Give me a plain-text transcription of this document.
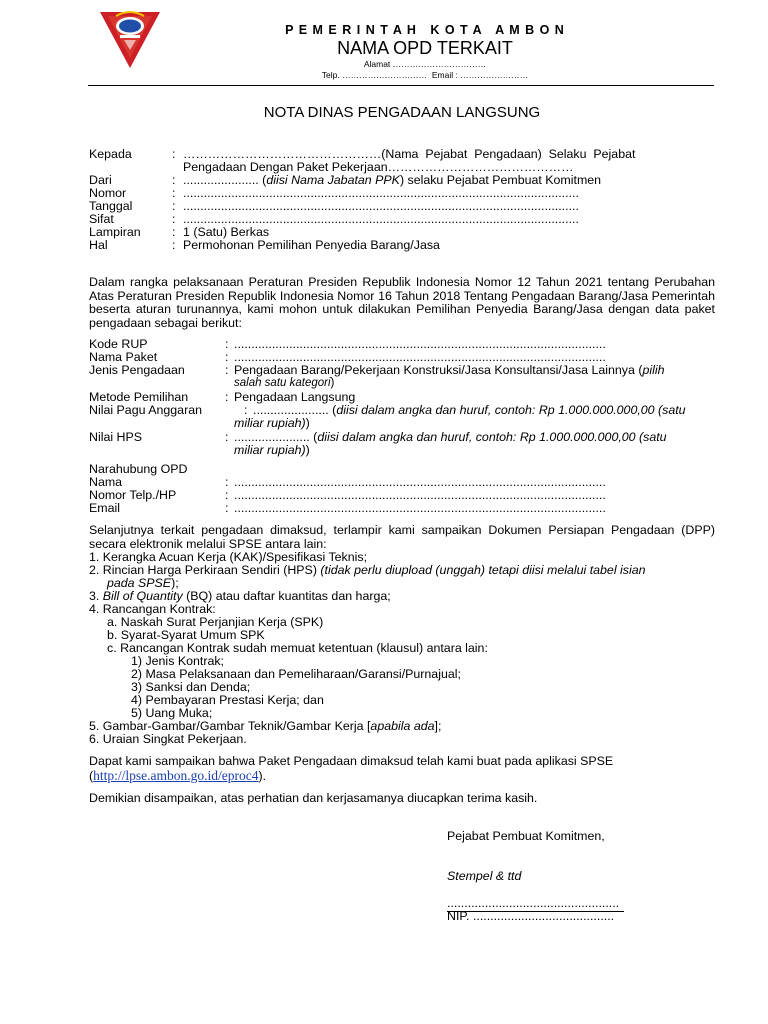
P E M E R I N T A H   K O T A   A M B O N
NAMA OPD TERKAIT
Alamat ……………………………
Telp. …………………………  Email : ……………………
NOTA DINAS PENGADAAN LANGSUNG
Kepada	: …………………………………………(Nama  Pejabat  Pengadaan)  Selaku  Pejabat
Pengadaan Dengan Paket Pekerjaan………………………………………
Dari	: ...................... (diisi Nama Jabatan PPK) selaku Pejabat Pembuat Komitmen
Nomor	: ...................................................................................................................
Tanggal	: ...................................................................................................................
Sifat	: ...................................................................................................................
Lampiran	: 1 (Satu) Berkas
Hal	: Permohonan Pemilihan Penyedia Barang/Jasa
Dalam rangka pelaksanaan Peraturan Presiden Republik Indonesia Nomor 12 Tahun 2021 tentang Perubahan Atas Peraturan Presiden Republik Indonesia Nomor 16 Tahun 2018 Tentang Pengadaan Barang/Jasa Pemerintah beserta aturan turunannya, kami mohon untuk dilakukan Pemilihan Penyedia Barang/Jasa dengan data paket pengadaan sebagai berikut:
Kode RUP	: ............................................................................................................
Nama Paket	: ............................................................................................................
Jenis Pengadaan	: Pengadaan Barang/Pekerjaan Konstruksi/Jasa Konsultansi/Jasa Lainnya (pilih
salah satu kategori)
Metode Pemilihan	: Pengadaan Langsung
Nilai Pagu Anggaran	: ...................... (diisi dalam angka dan huruf, contoh: Rp 1.000.000.000,00 (satu
miliar rupiah))
Nilai HPS	: ...................... (diisi dalam angka dan huruf, contoh: Rp 1.000.000.000,00 (satu
miliar rupiah))
Narahubung OPD
Nama	: ............................................................................................................
Nomor Telp./HP	: ............................................................................................................
Email	: ............................................................................................................
Selanjutnya terkait pengadaan dimaksud, terlampir kami sampaikan Dokumen Persiapan Pengadaan (DPP) secara elektronik melalui SPSE antara lain:
1. Kerangka Acuan Kerja (KAK)/Spesifikasi Teknis;
2. Rincian Harga Perkiraan Sendiri (HPS) (tidak perlu diupload (unggah) tetapi diisi melalui tabel isian
pada SPSE);
3. Bill of Quantity (BQ) atau daftar kuantitas dan harga;
4. Rancangan Kontrak:
a. Naskah Surat Perjanjian Kerja (SPK)
b. Syarat-Syarat Umum SPK
c. Rancangan Kontrak sudah memuat ketentuan (klausul) antara lain:
1) Jenis Kontrak;
2) Masa Pelaksanaan dan Pemeliharaan/Garansi/Purnajual;
3) Sanksi dan Denda;
4) Pembayaran Prestasi Kerja; dan
5) Uang Muka;
5. Gambar-Gambar/Gambar Teknik/Gambar Kerja [apabila ada];
6. Uraian Singkat Pekerjaan.
Dapat kami sampaikan bahwa Paket Pengadaan dimaksud telah kami buat pada aplikasi SPSE
(http://lpse.ambon.go.id/eproc4).
Demikian disampaikan, atas perhatian dan kerjasamanya diucapkan terima kasih.
Pejabat Pembuat Komitmen,
Stempel & ttd
..................................................
NIP. .........................................
